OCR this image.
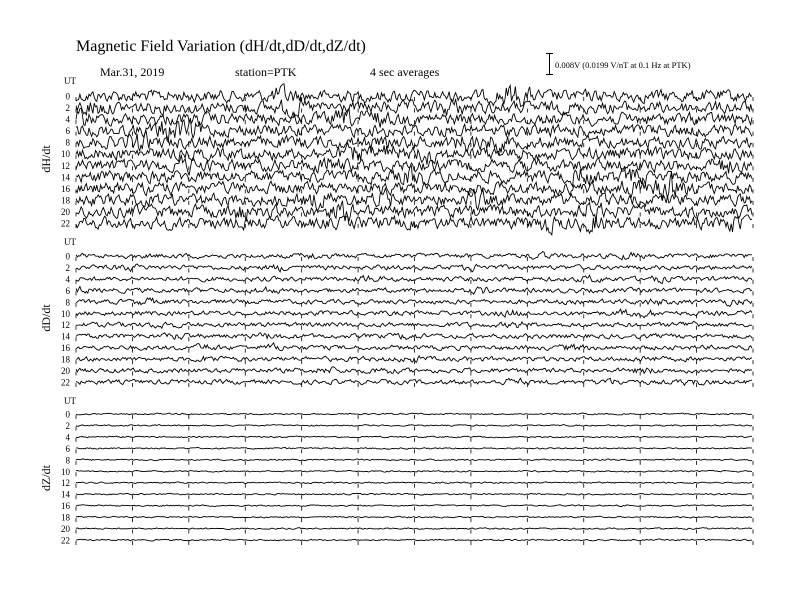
Magnetic Field Variation (dH/dt,dD/dt,dZ/dt)
Mar.31, 2019	station=PTK	4 sec averages	0.008V (0.0199 V/nT at 0.1 Hz at PTK)
UT
dH/dt
0
2
4
6
8
10
12
14
16
18
20
22
UT
dD/dt
0
2
4
6
8
10
12
14
16
18
20
22
UT
dZ/dt
0
2
4
6
8
10
12
14
16
18
20
22
